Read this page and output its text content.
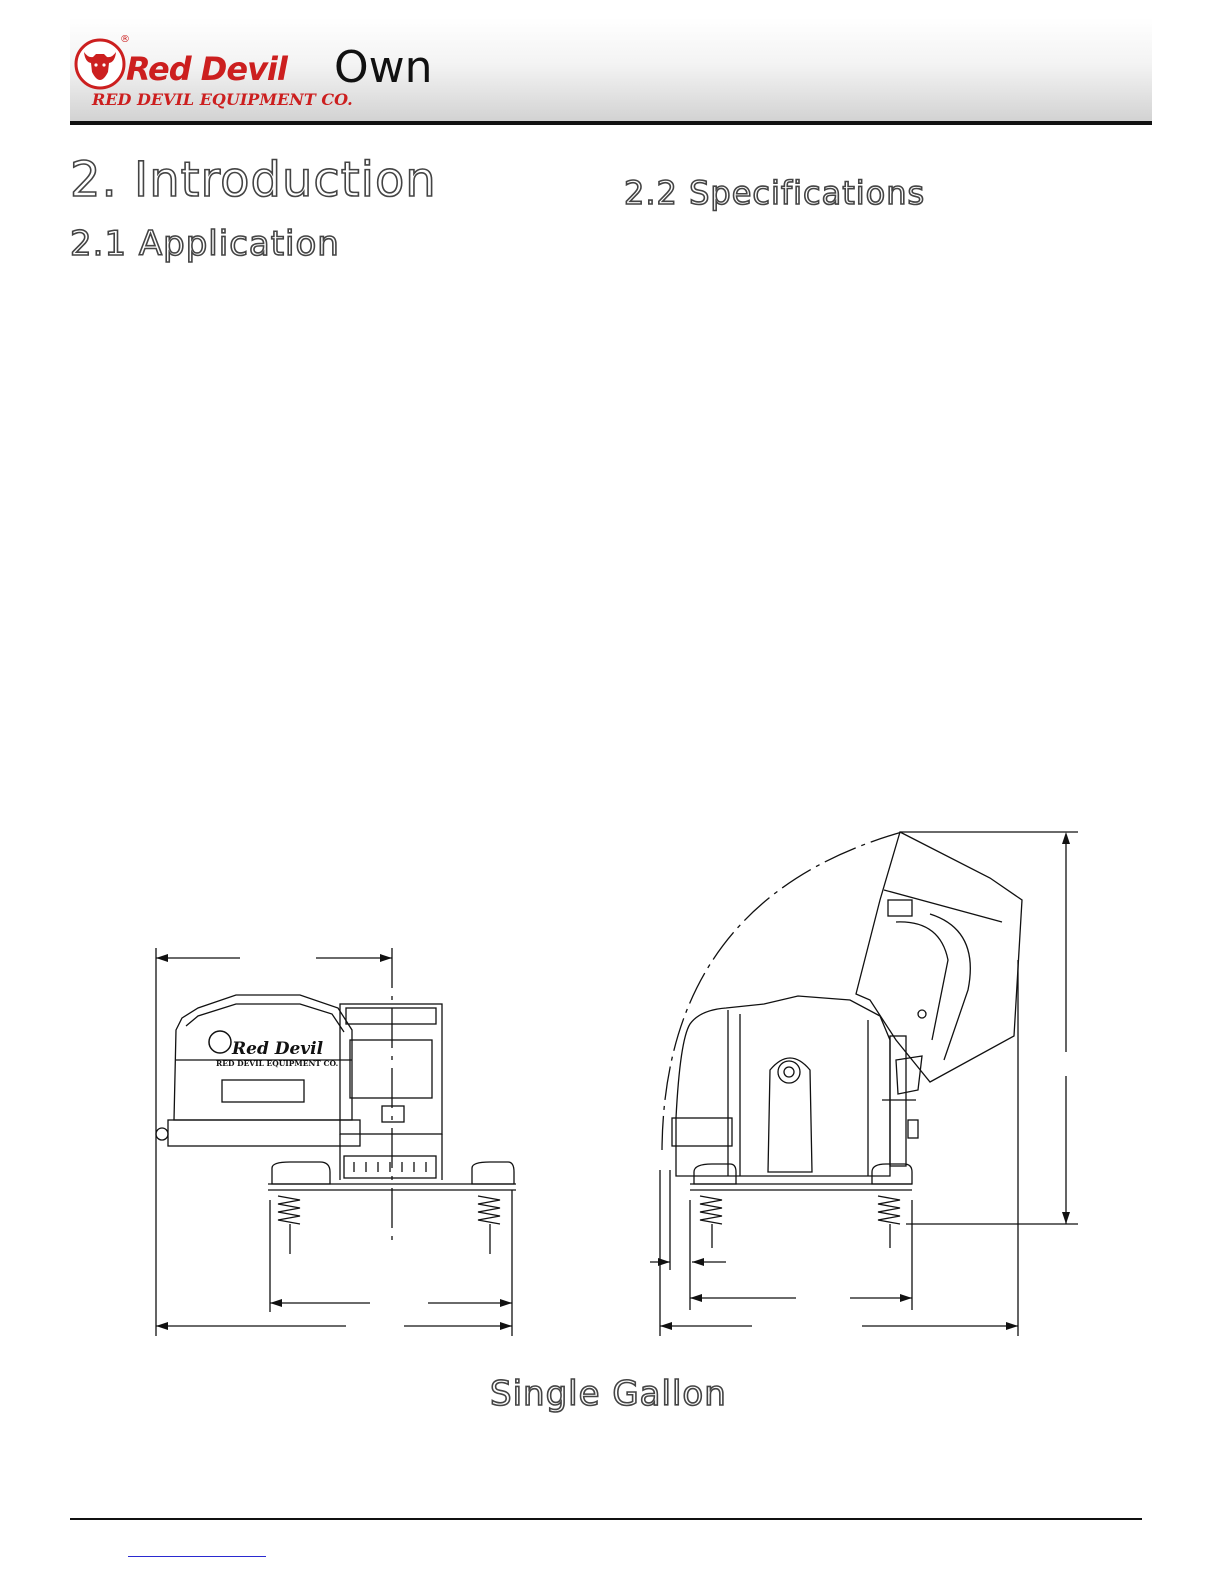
®
Red Devil
RED DEVIL EQUIPMENT CO.
Own
2. Introduction
2.1 Application
2.2 Specifications
Red Devil
RED DEVIL EQUIPMENT CO.
Single Gallon
